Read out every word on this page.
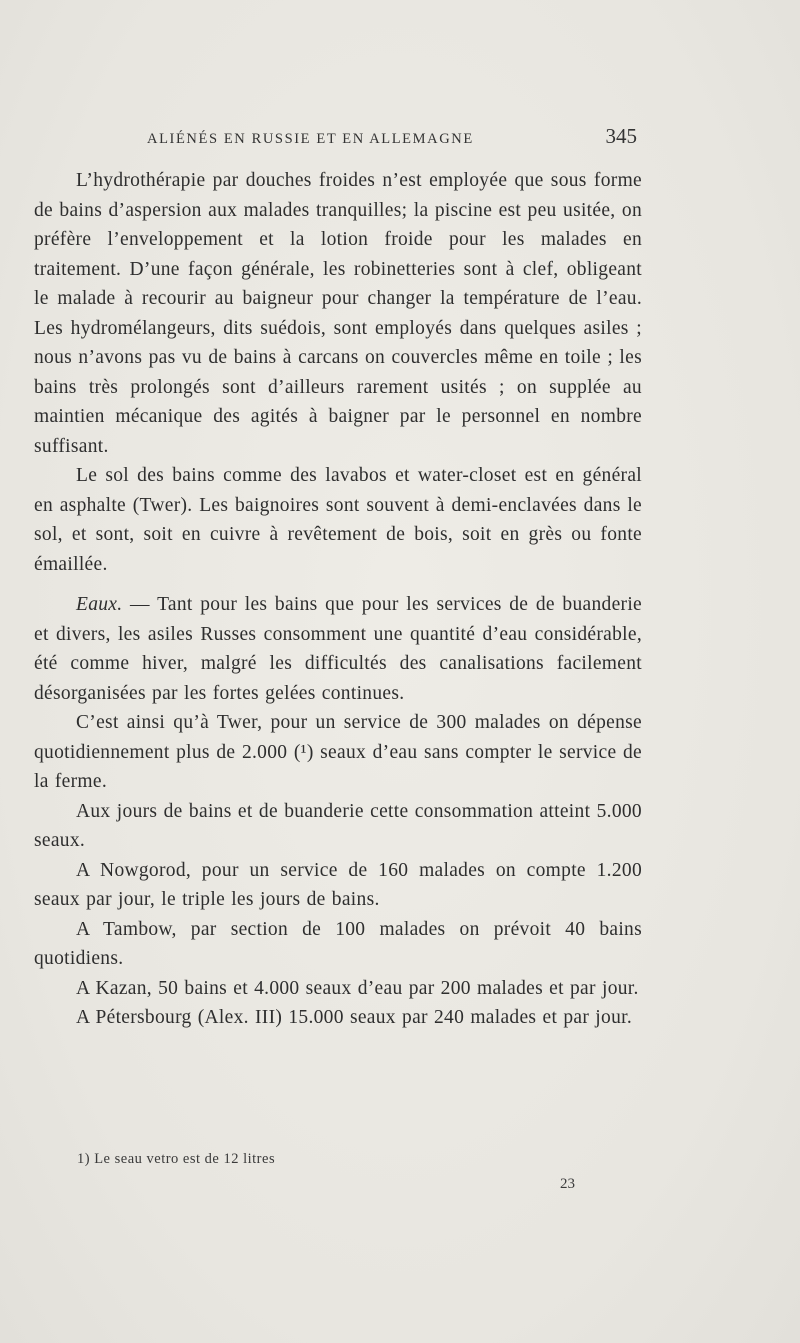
ALIÉNÉS EN RUSSIE ET EN ALLEMAGNE	345

L’hydrothérapie par douches froides n’est employée que sous forme de bains d’aspersion aux malades tranquilles; la piscine est peu usitée, on préfère l’enveloppement et la lotion froide pour les malades en traitement. D’une façon générale, les robinetteries sont à clef, obligeant le malade à recourir au baigneur pour changer la température de l’eau. Les hydromélangeurs, dits suédois, sont employés dans quelques asiles ; nous n’avons pas vu de bains à carcans on couvercles même en toile ; les bains très prolongés sont d’ailleurs rarement usités ; on supplée au maintien mécanique des agités à baigner par le personnel en nombre suffisant.

Le sol des bains comme des lavabos et water-closet est en général en asphalte (Twer). Les baignoires sont souvent à demi-enclavées dans le sol, et sont, soit en cuivre à revêtement de bois, soit en grès ou fonte émaillée.

Eaux. — Tant pour les bains que pour les services de de buanderie et divers, les asiles Russes consomment une quantité d’eau considérable, été comme hiver, malgré les difficultés des canalisations facilement désorganisées par les fortes gelées continues.

C’est ainsi qu’à Twer, pour un service de 300 malades on dépense quotidiennement plus de 2.000 (¹) seaux d’eau sans compter le service de la ferme.

Aux jours de bains et de buanderie cette consommation atteint 5.000 seaux.

A Nowgorod, pour un service de 160 malades on compte 1.200 seaux par jour, le triple les jours de bains.

A Tambow, par section de 100 malades on prévoit 40 bains quotidiens.

A Kazan, 50 bains et 4.000 seaux d’eau par 200 malades et par jour.

A Pétersbourg (Alex. III) 15.000 seaux par 240 malades et par jour.

1) Le seau vetro est de 12 litres
23
